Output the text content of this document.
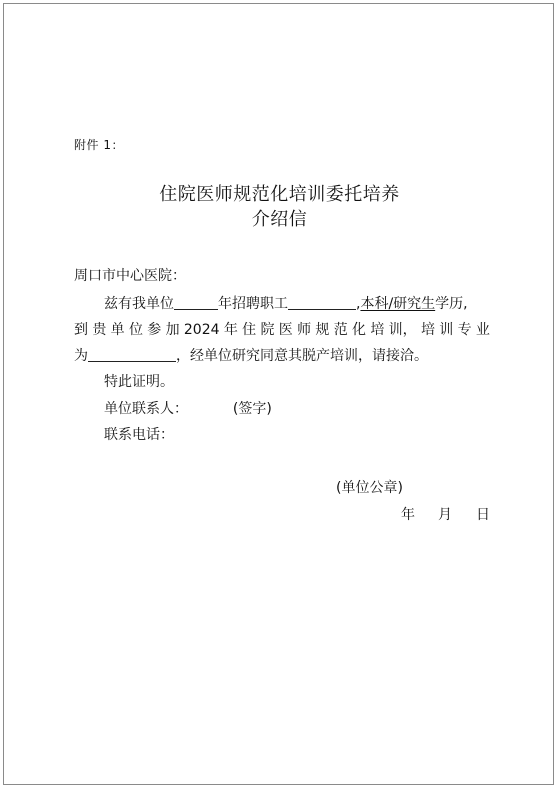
附件 1：
住院医师规范化培训委托培养
介绍信
周口市中心医院：
兹有我单位	年招聘职工	,本科/研究生学历,
到 贵 单 位 参 加 2024 年 住 院 医 师 规 范 化 培 训， 培 训 专 业
为	，经单位研究同意其脱产培训，请接洽。
特此证明。
单位联系人：	(签字)
联系电话：
(单位公章)
年 月 日
